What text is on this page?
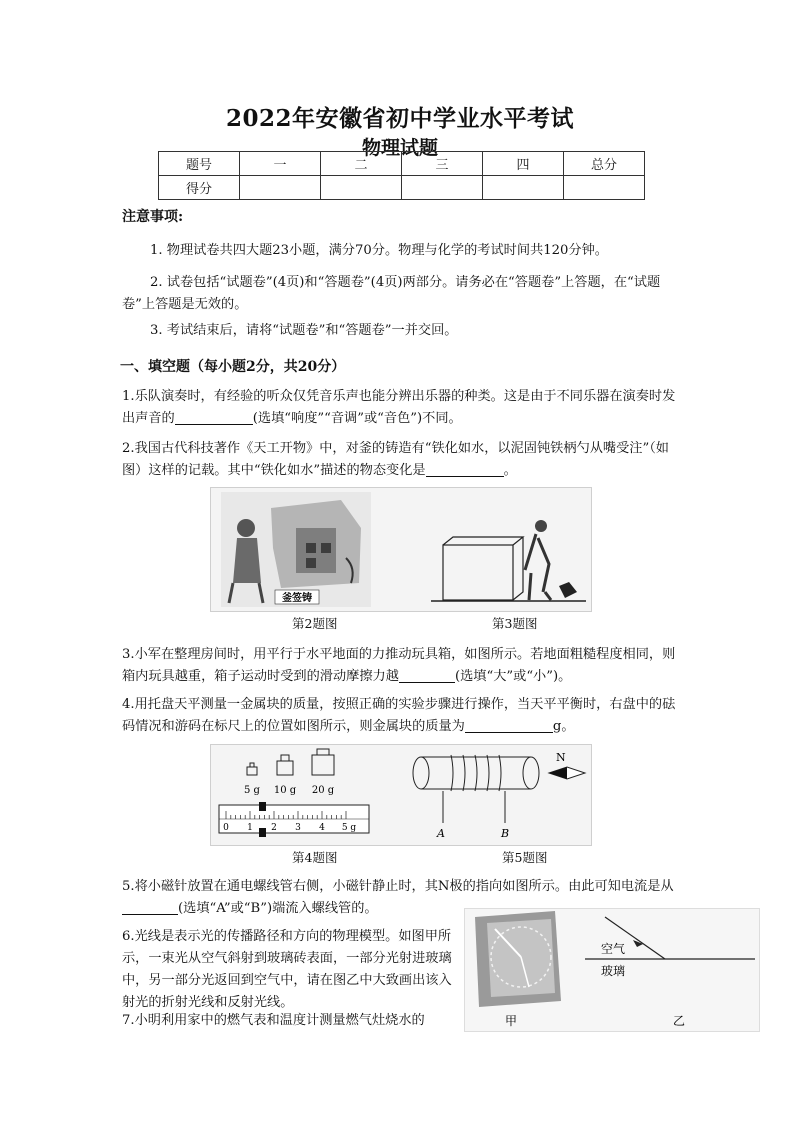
2022年安徽省初中学业水平考试
物理试题
题号	一	二	三	四	总分
得分					
注意事项:
1. 物理试卷共四大题23小题，满分70分。物理与化学的考试时间共120分钟。
2. 试卷包括“试题卷”(4页)和“答题卷”(4页)两部分。请务必在“答题卷”上答题，在“试题卷”上答题是无效的。
3. 考试结束后，请将“试题卷”和“答题卷”一并交回。
一、填空题（每小题2分，共20分）
1.乐队演奏时，有经验的听众仅凭音乐声也能分辨出乐器的种类。这是由于不同乐器在演奏时发出声音的	(选填“响度”“音调”或“音色”)不同。
2.我国古代科技著作《天工开物》中，对釜的铸造有“铁化如水，以泥固钝铁柄勺从嘴受注”（如图）这样的记载。其中“铁化如水”描述的物态变化是	。
釜签铸
第2题图	第3题图
3.小军在整理房间时，用平行于水平地面的力推动玩具箱，如图所示。若地面粗糙程度相同，则箱内玩具越重，箱子运动时受到的滑动摩擦力越	(选填“大”或“小”)。
4.用托盘天平测量一金属块的质量，按照正确的实验步骤进行操作，当天平平衡时，右盘中的砝码情况和游码在标尺上的位置如图所示，则金属块的质量为	g。
5 g 10 g 20 g
0 1 2 3 4 5 g	A	B
N
第4题图	第5题图
5.将小磁针放置在通电螺线管右侧，小磁针静止时，其N极的指向如图所示。由此可知电流是从(选填“A”或“B”)端流入螺线管的。
6.光线是表示光的传播路径和方向的物理模型。如图甲所示，一束光从空气斜射到玻璃砖表面，一部分光射进玻璃中，另一部分光返回到空气中，请在图乙中大致画出该入射光的折射光线和反射光线。
7.小明利用家中的燃气表和温度计测量燃气灶烧水的	甲
空气
玻璃
乙
